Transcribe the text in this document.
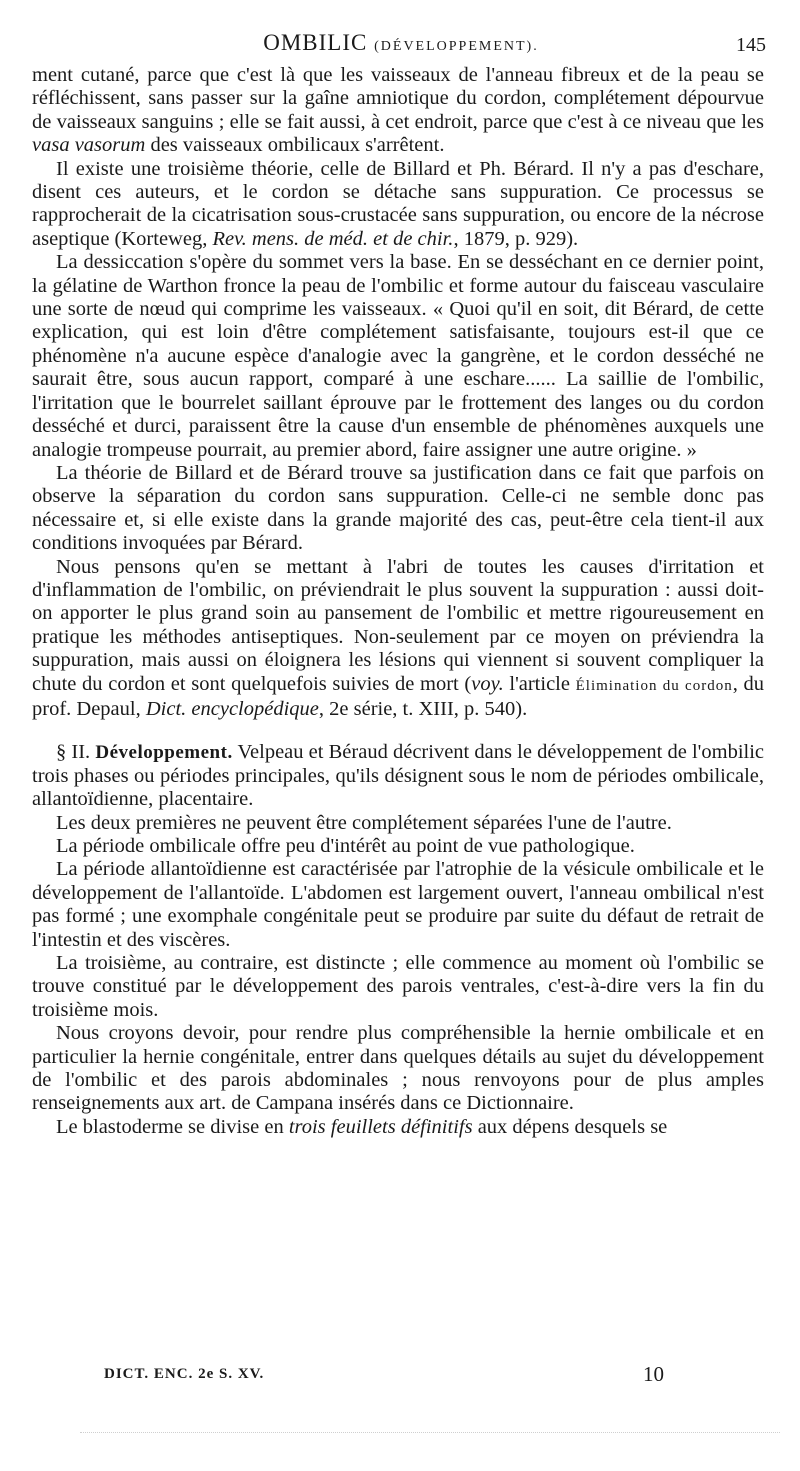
OMBILIC (DÉVELOPPEMENT).	145

ment cutané, parce que c'est là que les vaisseaux de l'anneau fibreux et de la peau se réfléchissent, sans passer sur la gaîne amniotique du cordon, complétement dépourvue de vaisseaux sanguins ; elle se fait aussi, à cet endroit, parce que c'est à ce niveau que les vasa vasorum des vaisseaux ombilicaux s'arrêtent.

Il existe une troisième théorie, celle de Billard et Ph. Bérard. Il n'y a pas d'eschare, disent ces auteurs, et le cordon se détache sans suppuration. Ce processus se rapprocherait de la cicatrisation sous-crustacée sans suppuration, ou encore de la nécrose aseptique (Korteweg, Rev. mens. de méd. et de chir., 1879, p. 929).

La dessiccation s'opère du sommet vers la base. En se desséchant en ce dernier point, la gélatine de Warthon fronce la peau de l'ombilic et forme autour du faisceau vasculaire une sorte de nœud qui comprime les vaisseaux. « Quoi qu'il en soit, dit Bérard, de cette explication, qui est loin d'être complétement satisfaisante, toujours est-il que ce phénomène n'a aucune espèce d'analogie avec la gangrène, et le cordon desséché ne saurait être, sous aucun rapport, comparé à une eschare...... La saillie de l'ombilic, l'irritation que le bourrelet saillant éprouve par le frottement des langes ou du cordon desséché et durci, paraissent être la cause d'un ensemble de phénomènes auxquels une analogie trompeuse pourrait, au premier abord, faire assigner une autre origine. »

La théorie de Billard et de Bérard trouve sa justification dans ce fait que parfois on observe la séparation du cordon sans suppuration. Celle-ci ne semble donc pas nécessaire et, si elle existe dans la grande majorité des cas, peut-être cela tient-il aux conditions invoquées par Bérard.

Nous pensons qu'en se mettant à l'abri de toutes les causes d'irritation et d'inflammation de l'ombilic, on préviendrait le plus souvent la suppuration : aussi doit-on apporter le plus grand soin au pansement de l'ombilic et mettre rigoureusement en pratique les méthodes antiseptiques. Non-seulement par ce moyen on préviendra la suppuration, mais aussi on éloignera les lésions qui viennent si souvent compliquer la chute du cordon et sont quelquefois suivies de mort (voy. l'article Élimination du cordon, du prof. Depaul, Dict. encyclopédique, 2e série, t. XIII, p. 540).

§ II. Développement. Velpeau et Béraud décrivent dans le développement de l'ombilic trois phases ou périodes principales, qu'ils désignent sous le nom de périodes ombilicale, allantoïdienne, placentaire.

Les deux premières ne peuvent être complétement séparées l'une de l'autre.

La période ombilicale offre peu d'intérêt au point de vue pathologique.

La période allantoïdienne est caractérisée par l'atrophie de la vésicule ombilicale et le développement de l'allantoïde. L'abdomen est largement ouvert, l'anneau ombilical n'est pas formé ; une exomphale congénitale peut se produire par suite du défaut de retrait de l'intestin et des viscères.

La troisième, au contraire, est distincte ; elle commence au moment où l'ombilic se trouve constitué par le développement des parois ventrales, c'est-à-dire vers la fin du troisième mois.

Nous croyons devoir, pour rendre plus compréhensible la hernie ombilicale et en particulier la hernie congénitale, entrer dans quelques détails au sujet du développement de l'ombilic et des parois abdominales ; nous renvoyons pour de plus amples renseignements aux art. de Campana insérés dans ce Dictionnaire.

Le blastoderme se divise en trois feuillets définitifs aux dépens desquels se

DICT. ENC. 2e S. XV.	10
